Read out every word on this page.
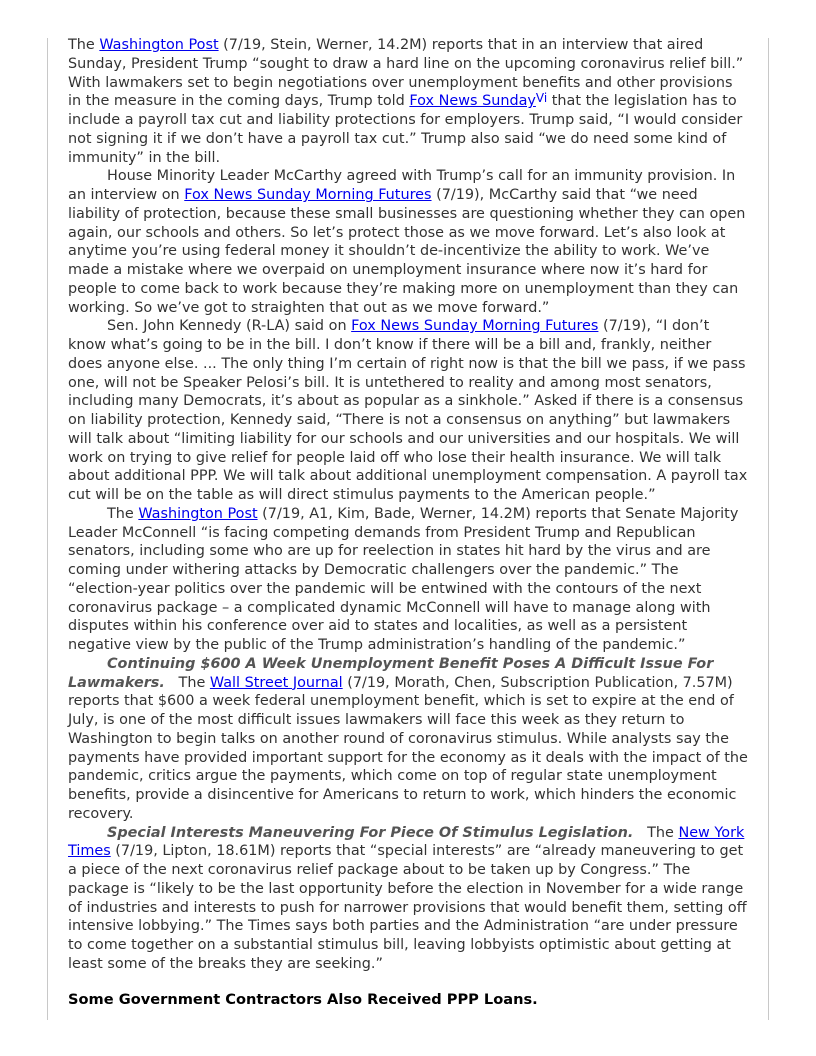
The Washington Post (7/19, Stein, Werner, 14.2M) reports that in an interview that aired Sunday, President Trump “sought to draw a hard line on the upcoming coronavirus relief bill.” With lawmakers set to begin negotiations over unemployment benefits and other provisions in the measure in the coming days, Trump told Fox News Sunday$^{Vi}$ that the legislation has to include a payroll tax cut and liability protections for employers. Trump said, “I would consider not signing it if we don’t have a payroll tax cut.” Trump also said “we do need some kind of immunity” in the bill.

House Minority Leader McCarthy agreed with Trump’s call for an immunity provision. In an interview on Fox News Sunday Morning Futures (7/19), McCarthy said that “we need liability of protection, because these small businesses are questioning whether they can open again, our schools and others. So let’s protect those as we move forward. Let’s also look at anytime you’re using federal money it shouldn’t de-incentivize the ability to work. We’ve made a mistake where we overpaid on unemployment insurance where now it’s hard for people to come back to work because they’re making more on unemployment than they can working. So we’ve got to straighten that out as we move forward.”

Sen. John Kennedy (R-LA) said on Fox News Sunday Morning Futures (7/19), “I don’t know what’s going to be in the bill. I don’t know if there will be a bill and, frankly, neither does anyone else. ... The only thing I’m certain of right now is that the bill we pass, if we pass one, will not be Speaker Pelosi’s bill. It is untethered to reality and among most senators, including many Democrats, it’s about as popular as a sinkhole.” Asked if there is a consensus on liability protection, Kennedy said, “There is not a consensus on anything” but lawmakers will talk about “limiting liability for our schools and our universities and our hospitals. We will work on trying to give relief for people laid off who lose their health insurance. We will talk about additional PPP. We will talk about additional unemployment compensation. A payroll tax cut will be on the table as will direct stimulus payments to the American people.”

The Washington Post (7/19, A1, Kim, Bade, Werner, 14.2M) reports that Senate Majority Leader McConnell “is facing competing demands from President Trump and Republican senators, including some who are up for reelection in states hit hard by the virus and are coming under withering attacks by Democratic challengers over the pandemic.” The “election-year politics over the pandemic will be entwined with the contours of the next coronavirus package – a complicated dynamic McConnell will have to manage along with disputes within his conference over aid to states and localities, as well as a persistent negative view by the public of the Trump administration’s handling of the pandemic.”

Continuing $600 A Week Unemployment Benefit Poses A Difficult Issue For Lawmakers.   The Wall Street Journal (7/19, Morath, Chen, Subscription Publication, 7.57M) reports that $600 a week federal unemployment benefit, which is set to expire at the end of July, is one of the most difficult issues lawmakers will face this week as they return to Washington to begin talks on another round of coronavirus stimulus. While analysts say the payments have provided important support for the economy as it deals with the impact of the pandemic, critics argue the payments, which come on top of regular state unemployment benefits, provide a disincentive for Americans to return to work, which hinders the economic recovery.

Special Interests Maneuvering For Piece Of Stimulus Legislation.   The New York Times (7/19, Lipton, 18.61M) reports that “special interests” are “already maneuvering to get a piece of the next coronavirus relief package about to be taken up by Congress.” The package is “likely to be the last opportunity before the election in November for a wide range of industries and interests to push for narrower provisions that would benefit them, setting off intensive lobbying.” The Times says both parties and the Administration “are under pressure to come together on a substantial stimulus bill, leaving lobbyists optimistic about getting at least some of the breaks they are seeking.”

Some Government Contractors Also Received PPP Loans.
